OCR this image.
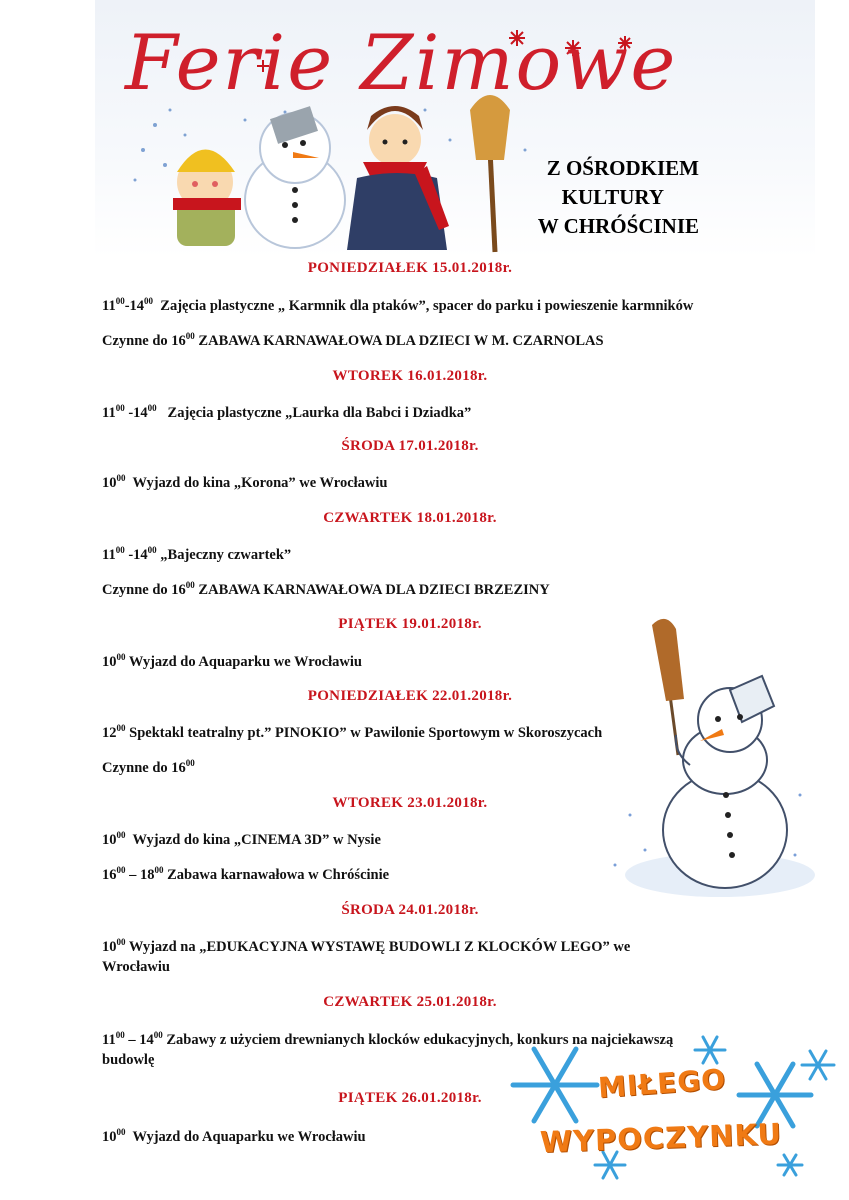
Ferie Zimowe
Z OŚRODKIEM
KULTURY
W CHRÓŚCINIE
PONIEDZIAŁEK 15.01.2018r.
$11^{00}-14^{00}$ Zajęcia plastyczne „ Karmnik dla ptaków”, spacer do parku i powieszenie karmników
Czynne do $16^{00}$ ZABAWA KARNAWAŁOWA DLA DZIECI W M. CZARNOLAS
WTOREK 16.01.2018r.
$11^{00}$ $-14^{00}$ Zajęcia plastyczne „Laurka dla Babci i Dziadka”
ŚRODA 17.01.2018r.
$10^{00}$ Wyjazd do kina „Korona” we Wrocławiu
CZWARTEK 18.01.2018r.
$11^{00}$ $-14^{00}$ „Bajeczny czwartek”
Czynne do $16^{00}$ ZABAWA KARNAWAŁOWA DLA DZIECI BRZEZINY
PIĄTEK 19.01.2018r.
$10^{00}$ Wyjazd do Aquaparku we Wrocławiu
PONIEDZIAŁEK 22.01.2018r.
$12^{00}$ Spektakl teatralny pt.” PINOKIO” w Pawilonie Sportowym w Skoroszycach
Czynne do $16^{00}$
WTOREK 23.01.2018r.
$10^{00}$ Wyjazd do kina „CINEMA 3D” w Nysie
$16^{00} - 18^{00}$ Zabawa karnawałowa w Chróścinie
ŚRODA 24.01.2018r.
$10^{00}$ Wyjazd na „EDUKACYJNA WYSTAWĘ BUDOWLI Z KLOCKÓW LEGO” we Wrocławiu
CZWARTEK 25.01.2018r.
$11^{00} - 14^{00}$ Zabawy z użyciem drewnianych klocków edukacyjnych, konkurs na najciekawszą budowlę
PIĄTEK 26.01.2018r.
$10^{00}$ Wyjazd do Aquaparku we Wrocławiu
MIŁEGO
WYPOCZYNKU
